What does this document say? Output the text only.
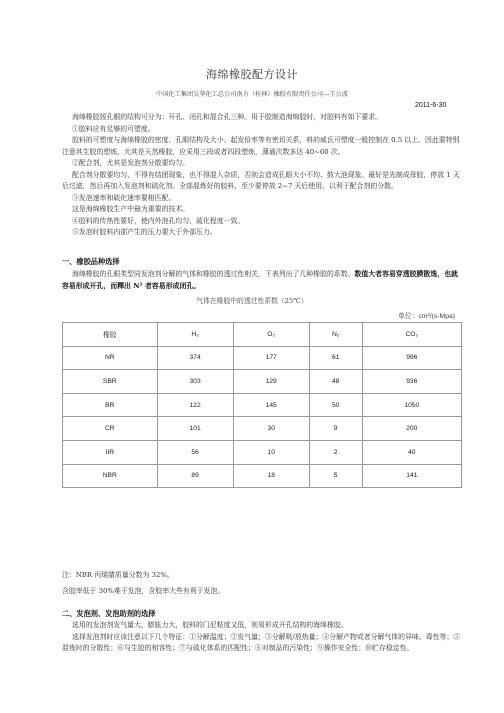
海绵橡胶配方设计
中国化工集团吴华化工总公司南方（桂林）橡胶有限责任公司---王公波
2011-6-30

海绵橡胶按孔眼的结构可分为：开孔、闭孔和混合孔三种。用于胶制造海绵胶时，对胶料有如下要求。

①胶料应有足够的可塑度。

胶料的可塑度与海绵橡胶的密度、孔眼结构及大小、起发倍率等有密切关系，料的威氏可塑度一般控制在 0.5 以上。因此要特别注意其生胶的塑炼，尤其是天然橡胶，应采用三段或者四段塑炼，薄通次数多达 40~60 次。

②配合剂，尤其是发泡剂分散要均匀。

配合剂分散要均匀，不得有结团现象，也不得混入杂质，否则会造成孔眼大小不均、鼓大泡现象。最好是先制成母胶，停放 1 天后过滤，然后再加入发泡剂和硫化剂。全部混炼好的胶料，至少要停放 2~7 天后使用，以利于配合剂的分散。

③发泡速率和硫化速率要相匹配。

这是海绵橡胶生产中最为重要的技术。

④胶料的传热性要好，使内外泡孔均匀、硫化程度一致。

⑤发泡时胶料内部产生的压力要大于外部压力。

一、橡胶品种选择

海绵橡胶的孔眼类型同发泡剂分解的气体和橡胶的透过性相关，下表列出了几种橡胶的系数。数值大者容易穿透胶膜散逸，也就容易形成开孔，而釋出 N² 者容易形成闭孔。

气体在橡胶中的透过性系数（25℃）
单位：cm²/(s·Mpa)
橡胶	H₂	O₂	N₂	CO₂
NR	374	177	61	996
SBR	303	129	48	936
BR	122	145	50	1050
CR	101	30	9	200
IIR	56	10	2	40
NBR	89	18	5	141
注：NBR 丙烯腈质量分数为 32%。
含胶率低于 30%难于发泡，含胶率大些有利于发泡。
二、发泡剂、发泡助剂的选择

选用的发泡剂发气量大、膨胀力大，胶料的门尼粘度又低，则易形成开孔结构的海绵橡胶。

选择发泡剂时应该注意以下几个特征：①分解温度；②发气量；③分解吸/放热量；④分解产物或者分解气体的异味、毒性等；⑤混炼时的分散性；⑥与生胶的相容性；⑦与硫化体系的匹配性；⑧对制品的污染性；⑨操作安全性；⑩贮存稳定性。
